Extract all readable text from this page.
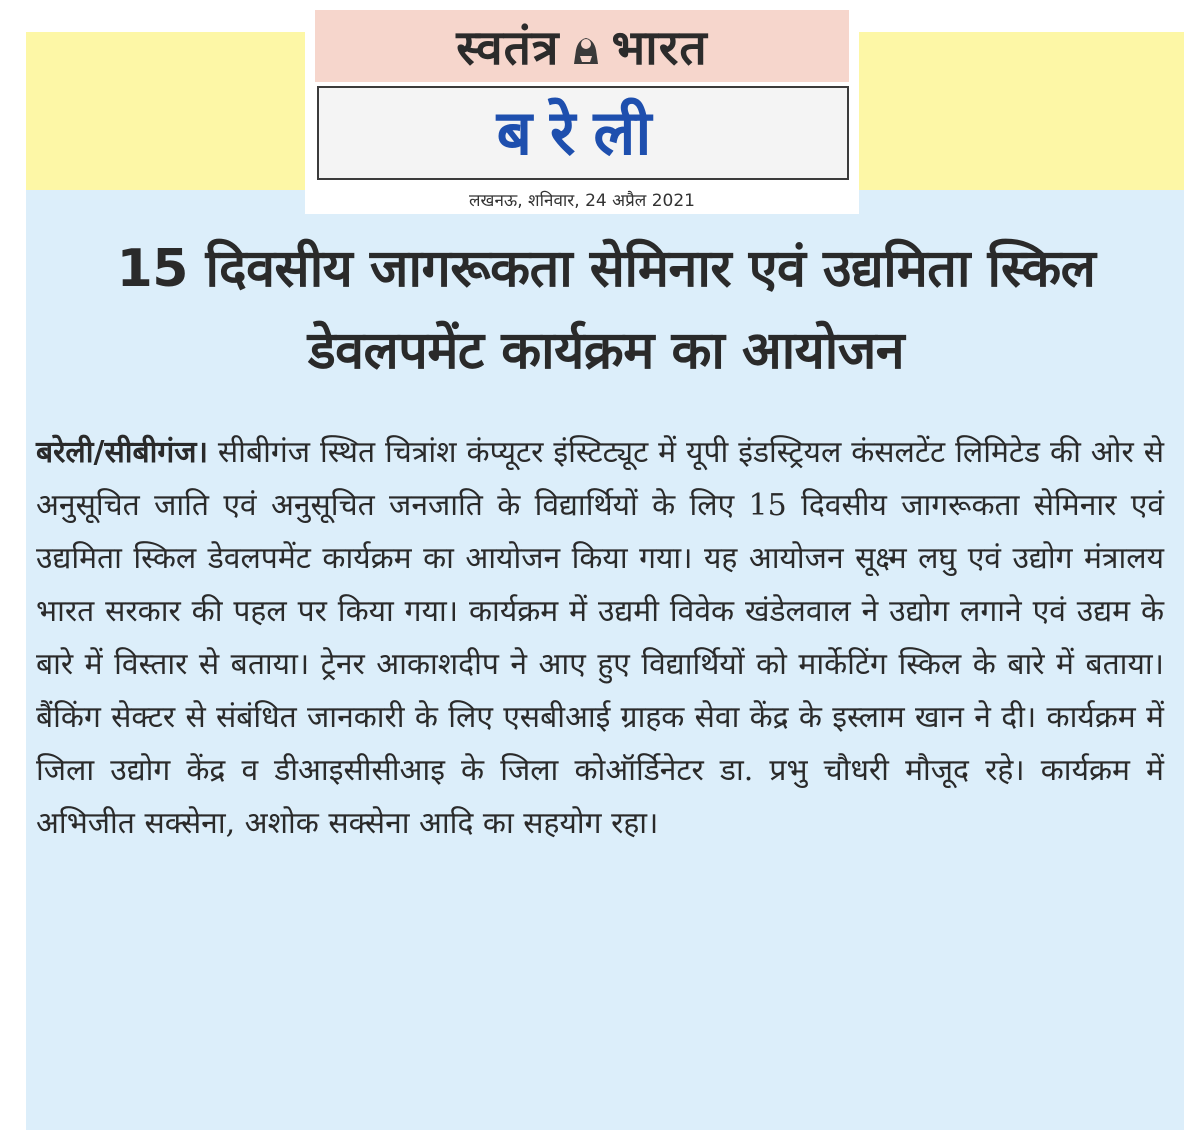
स्वतंत्र भारत
बरेली
लखनऊ, शनिवार, 24 अप्रैल 2021
15 दिवसीय जागरूकता सेमिनार एवं उद्यमिता स्किल डेवलपमेंट कार्यक्रम का आयोजन
बरेली/सीबीगंज। सीबीगंज स्थित चित्रांश कंप्यूटर इंस्टिट्यूट में यूपी इंडस्ट्रियल कंसलटेंट लिमिटेड की ओर से अनुसूचित जाति एवं अनुसूचित जनजाति के विद्यार्थियों के लिए 15 दिवसीय जागरूकता सेमिनार एवं उद्यमिता स्किल डेवलपमेंट कार्यक्रम का आयोजन किया गया। यह आयोजन सूक्ष्म लघु एवं उद्योग मंत्रालय भारत सरकार की पहल पर किया गया। कार्यक्रम में उद्यमी विवेक खंडेलवाल ने उद्योग लगाने एवं उद्यम के बारे में विस्तार से बताया। ट्रेनर आकाशदीप ने आए हुए विद्यार्थियों को मार्केटिंग स्किल के बारे में बताया। बैंकिंग सेक्टर से संबंधित जानकारी के लिए एसबीआई ग्राहक सेवा केंद्र के इस्लाम खान ने दी। कार्यक्रम में जिला उद्योग केंद्र व डीआइसीसीआइ के जिला कोऑर्डिनेटर डा. प्रभु चौधरी मौजूद रहे। कार्यक्रम में अभिजीत सक्सेना, अशोक सक्सेना आदि का सहयोग रहा।
